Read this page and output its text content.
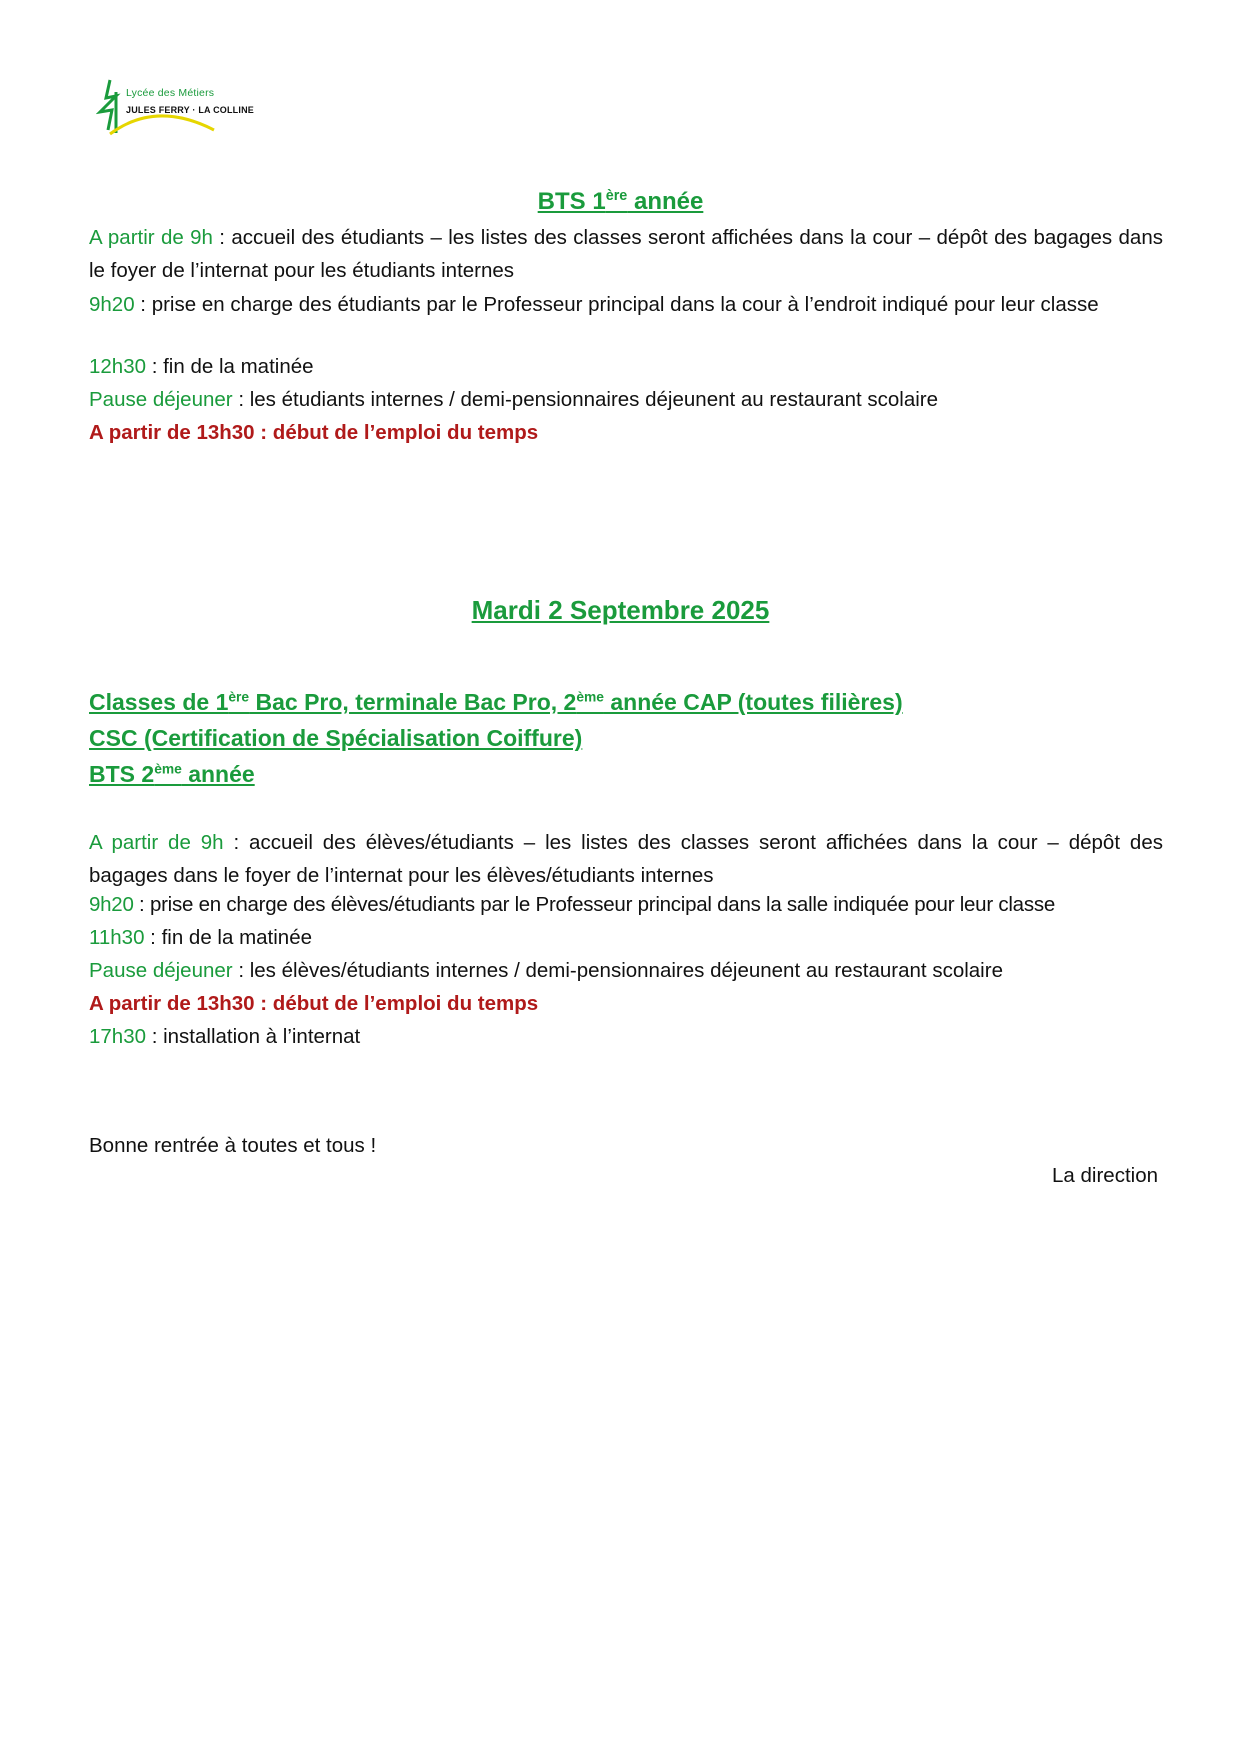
Lycée des Métiers
JULES FERRY · LA COLLINE
BTS 1ère année
A partir de 9h : accueil des étudiants – les listes des classes seront affichées dans la cour – dépôt des bagages dans le foyer de l’internat pour les étudiants internes
9h20 : prise en charge des étudiants par le Professeur principal dans la cour à l’endroit indiqué pour leur classe
12h30 : fin de la matinée
Pause déjeuner : les étudiants internes / demi-pensionnaires déjeunent au restaurant scolaire
A partir de 13h30 : début de l’emploi du temps
Mardi 2 Septembre 2025
Classes de 1ère Bac Pro, terminale Bac Pro, 2ème année CAP (toutes filières)
CSC (Certification de Spécialisation Coiffure)
BTS 2ème année
A partir de 9h : accueil des élèves/étudiants – les listes des classes seront affichées dans la cour – dépôt des bagages dans le foyer de l’internat pour les élèves/étudiants internes
9h20 : prise en charge des élèves/étudiants par le Professeur principal dans la salle indiquée pour leur classe
11h30 : fin de la matinée
Pause déjeuner : les élèves/étudiants internes / demi-pensionnaires déjeunent au restaurant scolaire
A partir de 13h30 : début de l’emploi du temps
17h30 : installation à l’internat
Bonne rentrée à toutes et tous !
La direction
